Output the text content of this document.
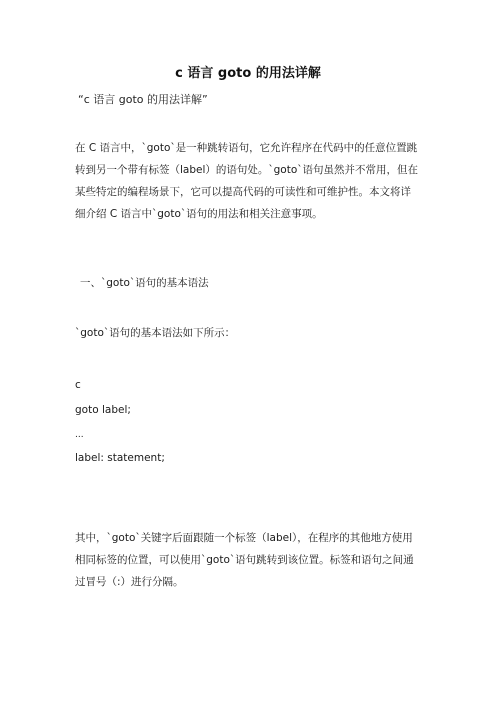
c 语言 goto 的用法详解
“c 语言 goto 的用法详解”

在 C 语言中，`goto`是一种跳转语句，它允许程序在代码中的任意位置跳
转到另一个带有标签（label）的语句处。`goto`语句虽然并不常用，但在
某些特定的编程场景下，它可以提高代码的可读性和可维护性。本文将详
细介绍 C 语言中`goto`语句的用法和相关注意事项。

一、`goto`语句的基本语法

`goto`语句的基本语法如下所示：

c
goto label;
...
label: statement;

其中，`goto`关键字后面跟随一个标签（label），在程序的其他地方使用
相同标签的位置，可以使用`goto`语句跳转到该位置。标签和语句之间通
过冒号（:）进行分隔。
